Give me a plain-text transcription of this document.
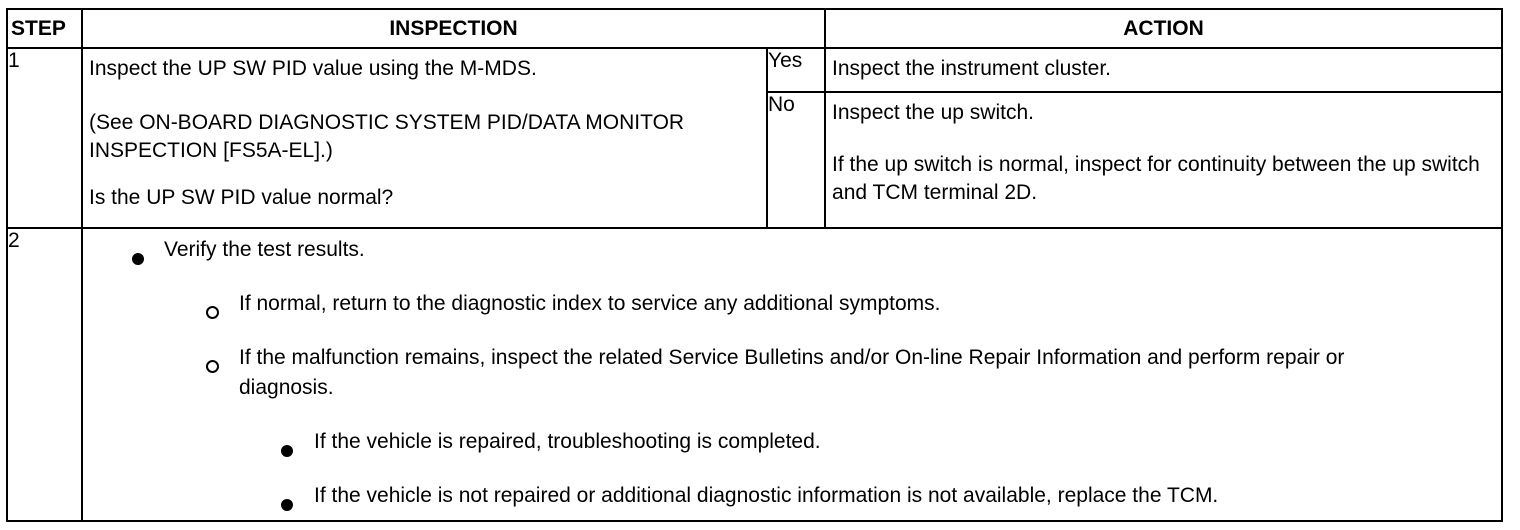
STEP	INSPECTION		ACTION
1	Inspect the UP SW PID value using the M-MDS.

(See ON-BOARD DIAGNOSTIC SYSTEM PID/DATA MONITOR INSPECTION [FS5A-EL].)

Is the UP SW PID value normal?	Yes	Inspect the instrument cluster.

		No	Inspect the up switch.

If the up switch is normal, inspect for continuity between the up switch and TCM terminal 2D.

2	Verify the test results.
If normal, return to the diagnostic index to service any additional symptoms.
If the malfunction remains, inspect the related Service Bulletins and/or On-line Repair Information and perform repair or diagnosis.
If the vehicle is repaired, troubleshooting is completed.
If the vehicle is not repaired or additional diagnostic information is not available, replace the TCM.		
